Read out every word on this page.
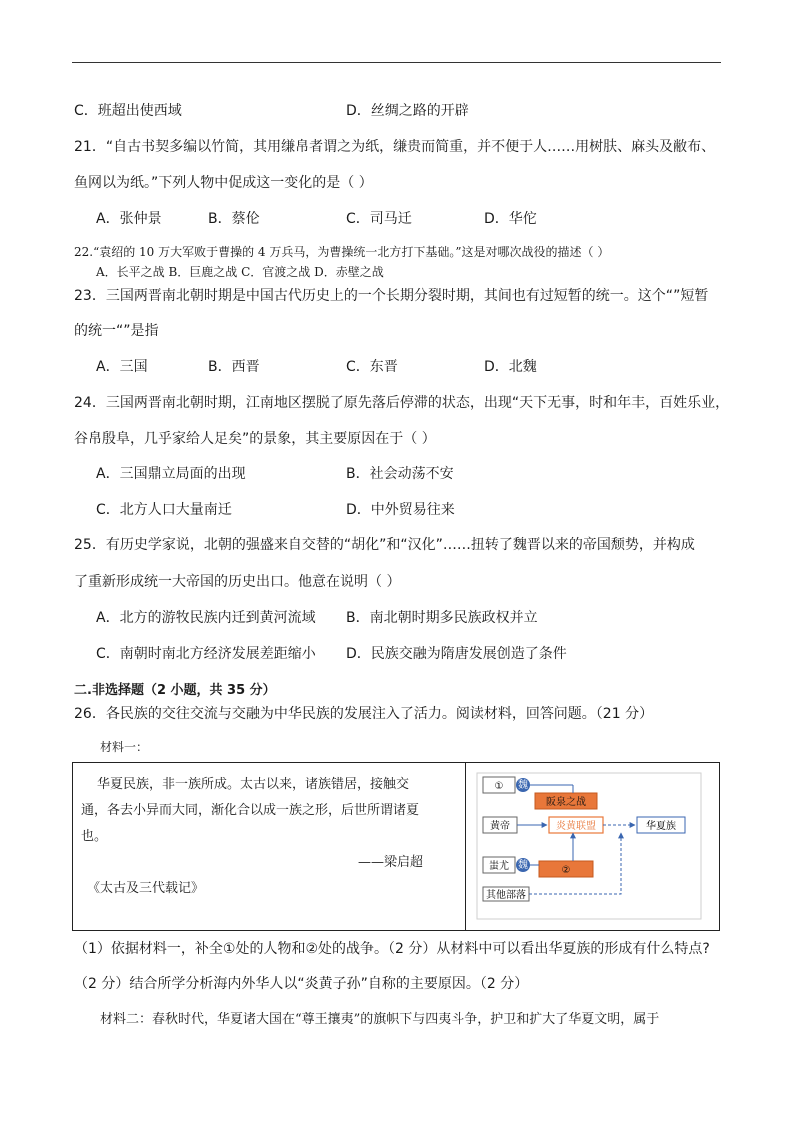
C．班超出使西域	D．丝绸之路的开辟
21．“自古书契多编以竹简，其用缣帛者谓之为纸，缣贵而简重，并不便于人……用树肤、麻头及敝布、
鱼网以为纸。”下列人物中促成这一变化的是（ ）
A．张仲景	B．蔡伦	C．司马迁	D．华佗
22.“袁绍的 10 万大军败于曹操的 4 万兵马，为曹操统一北方打下基础。”这是对哪次战役的描述（ ）
A．长平之战 B．巨鹿之战 C．官渡之战 D．赤壁之战
23．三国两晋南北朝时期是中国古代历史上的一个长期分裂时期，其间也有过短暂的统一。这个“”短暂
的统一“”是指
A．三国	B．西晋	C．东晋	D．北魏
24．三国两晋南北朝时期，江南地区摆脱了原先落后停滞的状态，出现“天下无事，时和年丰，百姓乐业，
谷帛殷阜，几乎家给人足矣”的景象，其主要原因在于（ ）
A．三国鼎立局面的出现	B．社会动荡不安
C．北方人口大量南迁	D．中外贸易往来
25．有历史学家说，北朝的强盛来自交替的“胡化”和“汉化”……扭转了魏晋以来的帝国颓势，并构成
了重新形成统一大帝国的历史出口。他意在说明（ ）
A．北方的游牧民族内迁到黄河流域 B．南北朝时期多民族政权并立
C．南朝时南北方经济发展差距缩小 D．民族交融为隋唐发展创造了条件
二.非选择题（2 小题，共 35 分）
26．各民族的交往交流与交融为中华民族的发展注入了活力。阅读材料，回答问题。（21 分）
材料一：
华夏民族，非一族所成。太古以来，诸族错居，接触交
通，各去小异而大同，渐化合以成一族之形，后世所谓诸夏
也。
——梁启超
《太古及三代载记》
① 魏
阪泉之战
黄帝	炎黄联盟	华夏族
蚩尤 魏	②
其他部落
（1）依据材料一，补全①处的人物和②处的战争。（2 分）从材料中可以看出华夏族的形成有什么特点?
（2 分）结合所学分析海内外华人以“炎黄子孙”自称的主要原因。（2 分）
材料二：春秋时代，华夏诸大国在“尊王攘夷”的旗帜下与四夷斗争，护卫和扩大了华夏文明，属于
